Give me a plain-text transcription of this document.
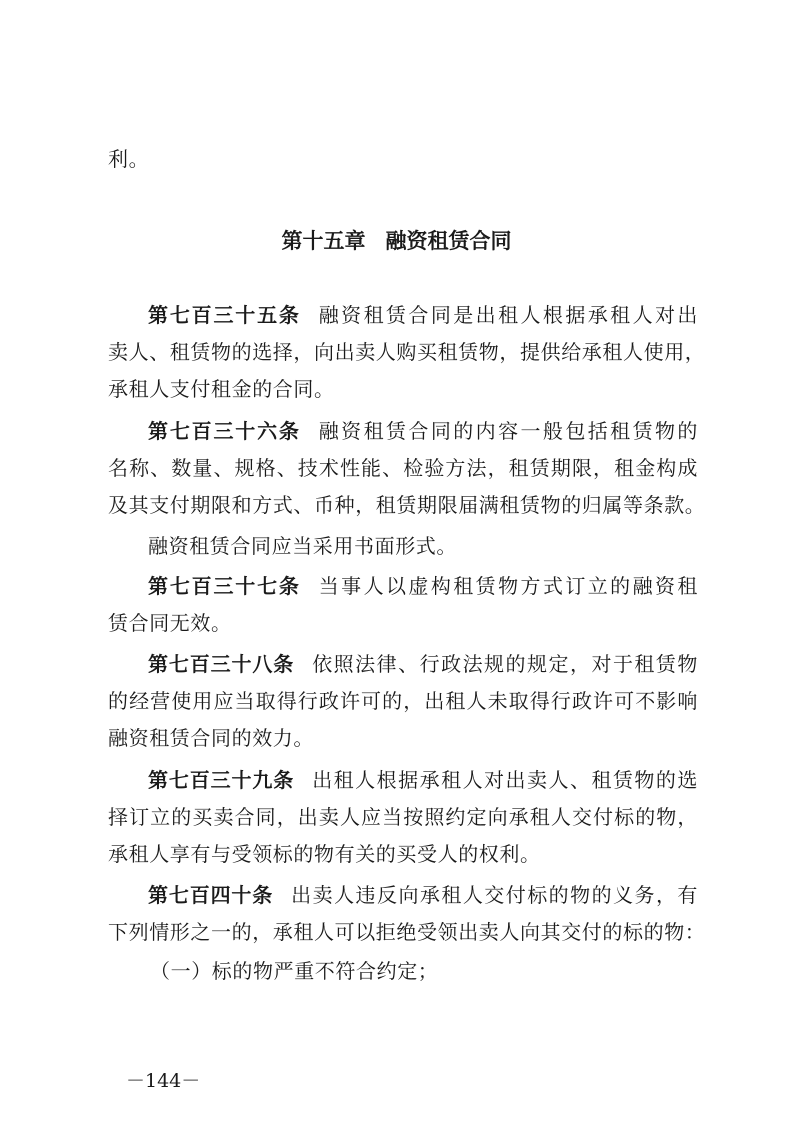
利。
第十五章 融资租赁合同
第七百三十五条 融资租赁合同是出租人根据承租人对出
卖人、租赁物的选择，向出卖人购买租赁物，提供给承租人使用，
承租人支付租金的合同。
第七百三十六条 融资租赁合同的内容一般包括租赁物的
名称、数量、规格、技术性能、检验方法，租赁期限，租金构成
及其支付期限和方式、币种，租赁期限届满租赁物的归属等条款。
融资租赁合同应当采用书面形式。
第七百三十七条 当事人以虚构租赁物方式订立的融资租
赁合同无效。
第七百三十八条 依照法律、行政法规的规定，对于租赁物
的经营使用应当取得行政许可的，出租人未取得行政许可不影响
融资租赁合同的效力。
第七百三十九条 出租人根据承租人对出卖人、租赁物的选
择订立的买卖合同，出卖人应当按照约定向承租人交付标的物，
承租人享有与受领标的物有关的买受人的权利。
第七百四十条 出卖人违反向承租人交付标的物的义务，有
下列情形之一的，承租人可以拒绝受领出卖人向其交付的标的物：
（一）标的物严重不符合约定；
－144－
